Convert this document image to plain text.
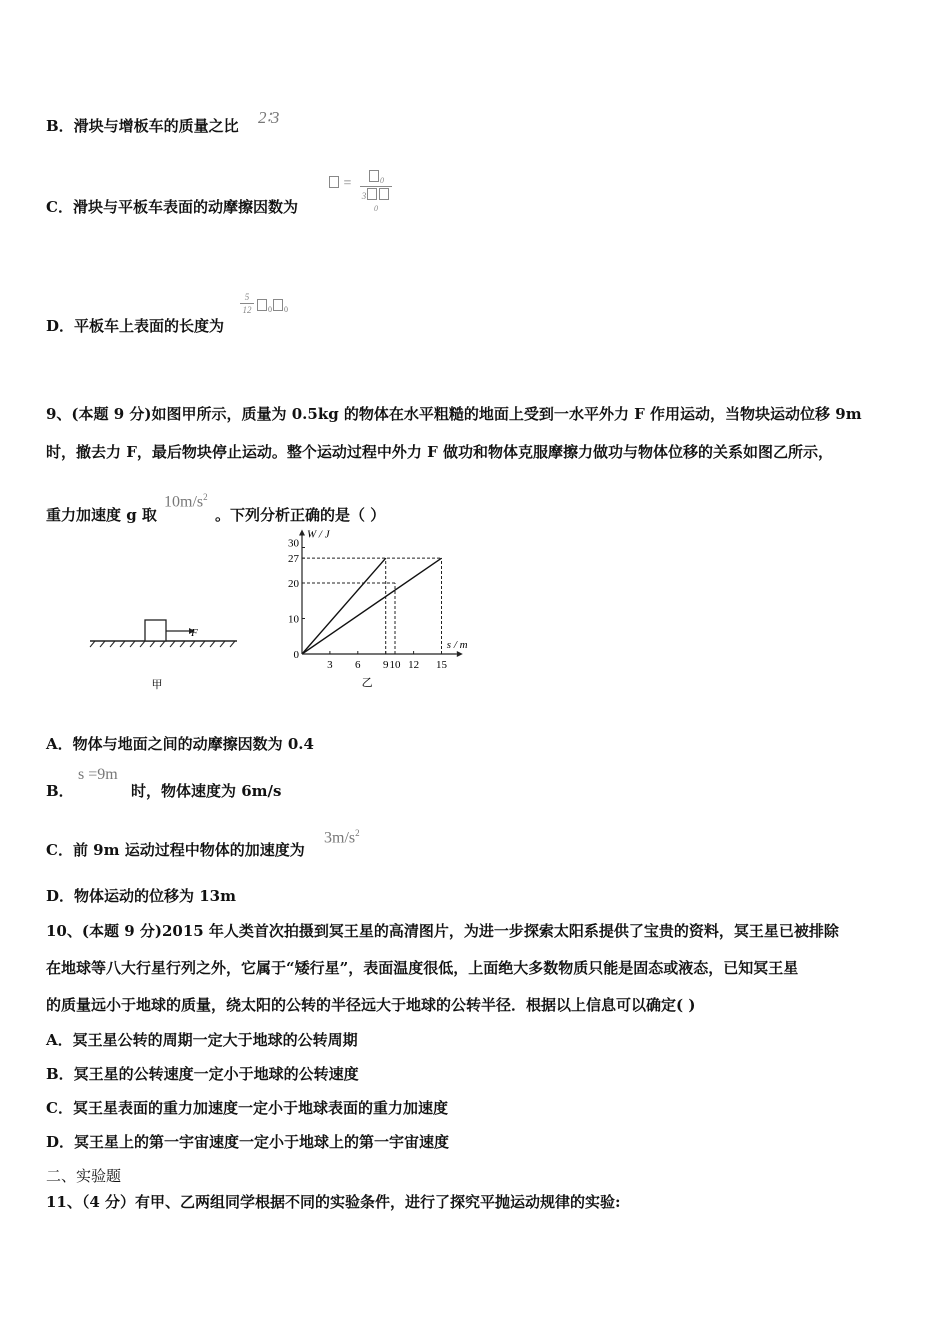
B．滑块与增板车的质量之比 2∶3
=	0
30
C．滑块与平板车表面的动摩擦因数为
5
12	$_0$ $_0$
D．平板车上表面的长度为
9、(本题 9 分)如图甲所示，质量为 0.5kg 的物体在水平粗糙的地面上受到一水平外力 F 作用运动，当物块运动位移 9m
时，撤去力 F，最后物块停止运动。整个运动过程中外力 F 做功和物体克服摩擦力做功与物体位移的关系如图乙所示，
重力加速度 g 取
$10m/s^2$
。下列分析正确的是（ ）
F
甲
3 6 9 10 12 15
0
10
20
27
30
W / J
s / m
乙
A．物体与地面之间的动摩擦因数为 0.4
B．
s =9m
时，物体速度为 6m/s
C．前 9m 运动过程中物体的加速度为
$3m/s^2$
D．物体运动的位移为 13m
10、(本题 9 分)2015 年人类首次拍摄到冥王星的高清图片，为进一步探索太阳系提供了宝贵的资料，冥王星已被排除
在地球等八大行星行列之外，它属于“矮行星”，表面温度很低，上面绝大多数物质只能是固态或液态，已知冥王星
的质量远小于地球的质量，绕太阳的公转的半径远大于地球的公转半径．根据以上信息可以确定( )
A．冥王星公转的周期一定大于地球的公转周期
B．冥王星的公转速度一定小于地球的公转速度
C．冥王星表面的重力加速度一定小于地球表面的重力加速度
D．冥王星上的第一宇宙速度一定小于地球上的第一宇宙速度
二、实验题
11、（4 分）有甲、乙两组同学根据不同的实验条件，进行了探究平抛运动规律的实验:
